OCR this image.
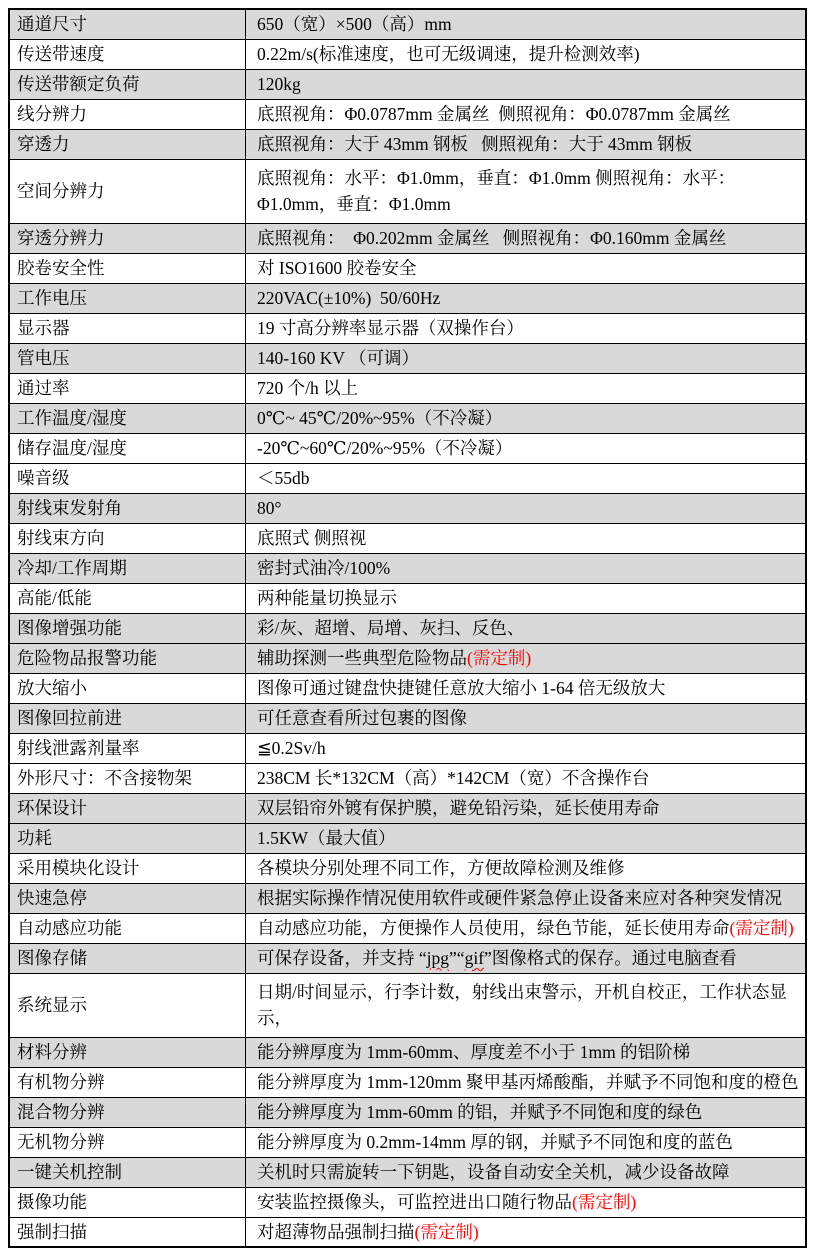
通道尺寸	650（宽）×500（高）mm
传送带速度	0.22m/s(标准速度，也可无级调速，提升检测效率)
传送带额定负荷	120kg
线分辨力	底照视角：Φ0.0787mm 金属丝  侧照视角：Φ0.0787mm 金属丝
穿透力	底照视角：大于 43mm 钢板   侧照视角：大于 43mm 钢板
空间分辨力	底照视角：水平：Φ1.0mm，垂直：Φ1.0mm 侧照视角：水平：Φ1.0mm，垂直：Φ1.0mm
穿透分辨力	底照视角：  Φ0.202mm 金属丝   侧照视角：Φ0.160mm 金属丝
胶卷安全性	对 ISO1600 胶卷安全
工作电压	220VAC(±10%)  50/60Hz
显示器	19 寸高分辨率显示器（双操作台）
管电压	140-160 KV （可调）
通过率	720 个/h 以上
工作温度/湿度	0℃~ 45℃/20%~95%（不冷凝）
储存温度/湿度	-20℃~60℃/20%~95%（不冷凝）
噪音级	＜55db
射线束发射角	80°
射线束方向	底照式 侧照视
冷却/工作周期	密封式油冷/100%
高能/低能	两种能量切换显示
图像增强功能	彩/灰、超增、局增、灰扫、反色、
危险物品报警功能	辅助探测一些典型危险物品(需定制)
放大缩小	图像可通过键盘快捷键任意放大缩小 1-64 倍无级放大
图像回拉前进	可任意查看所过包裹的图像
射线泄露剂量率	≦0.2Sv/h
外形尺寸：不含接物架	238CM 长*132CM（高）*142CM（宽）不含操作台
环保设计	双层铅帘外镀有保护膜，避免铅污染，延长使用寿命
功耗	1.5KW（最大值）
采用模块化设计	各模块分别处理不同工作，方便故障检测及维修
快速急停	根据实际操作情况使用软件或硬件紧急停止设备来应对各种突发情况
自动感应功能	自动感应功能，方便操作人员使用，绿色节能，延长使用寿命(需定制)
图像存储	可保存设备，并支持 “jpg”“gif”图像格式的保存。通过电脑查看
系统显示	日期/时间显示，行李计数，射线出束警示，开机自校正，工作状态显示，
材料分辨	能分辨厚度为 1mm-60mm、厚度差不小于 1mm 的铝阶梯
有机物分辨	能分辨厚度为 1mm-120mm 聚甲基丙烯酸酯，并赋予不同饱和度的橙色
混合物分辨	能分辨厚度为 1mm-60mm 的铝，并赋予不同饱和度的绿色
无机物分辨	能分辨厚度为 0.2mm-14mm 厚的钢，并赋予不同饱和度的蓝色
一键关机控制	关机时只需旋转一下钥匙，设备自动安全关机，减少设备故障
摄像功能	安装监控摄像头，可监控进出口随行物品(需定制)
强制扫描	对超薄物品强制扫描(需定制)
